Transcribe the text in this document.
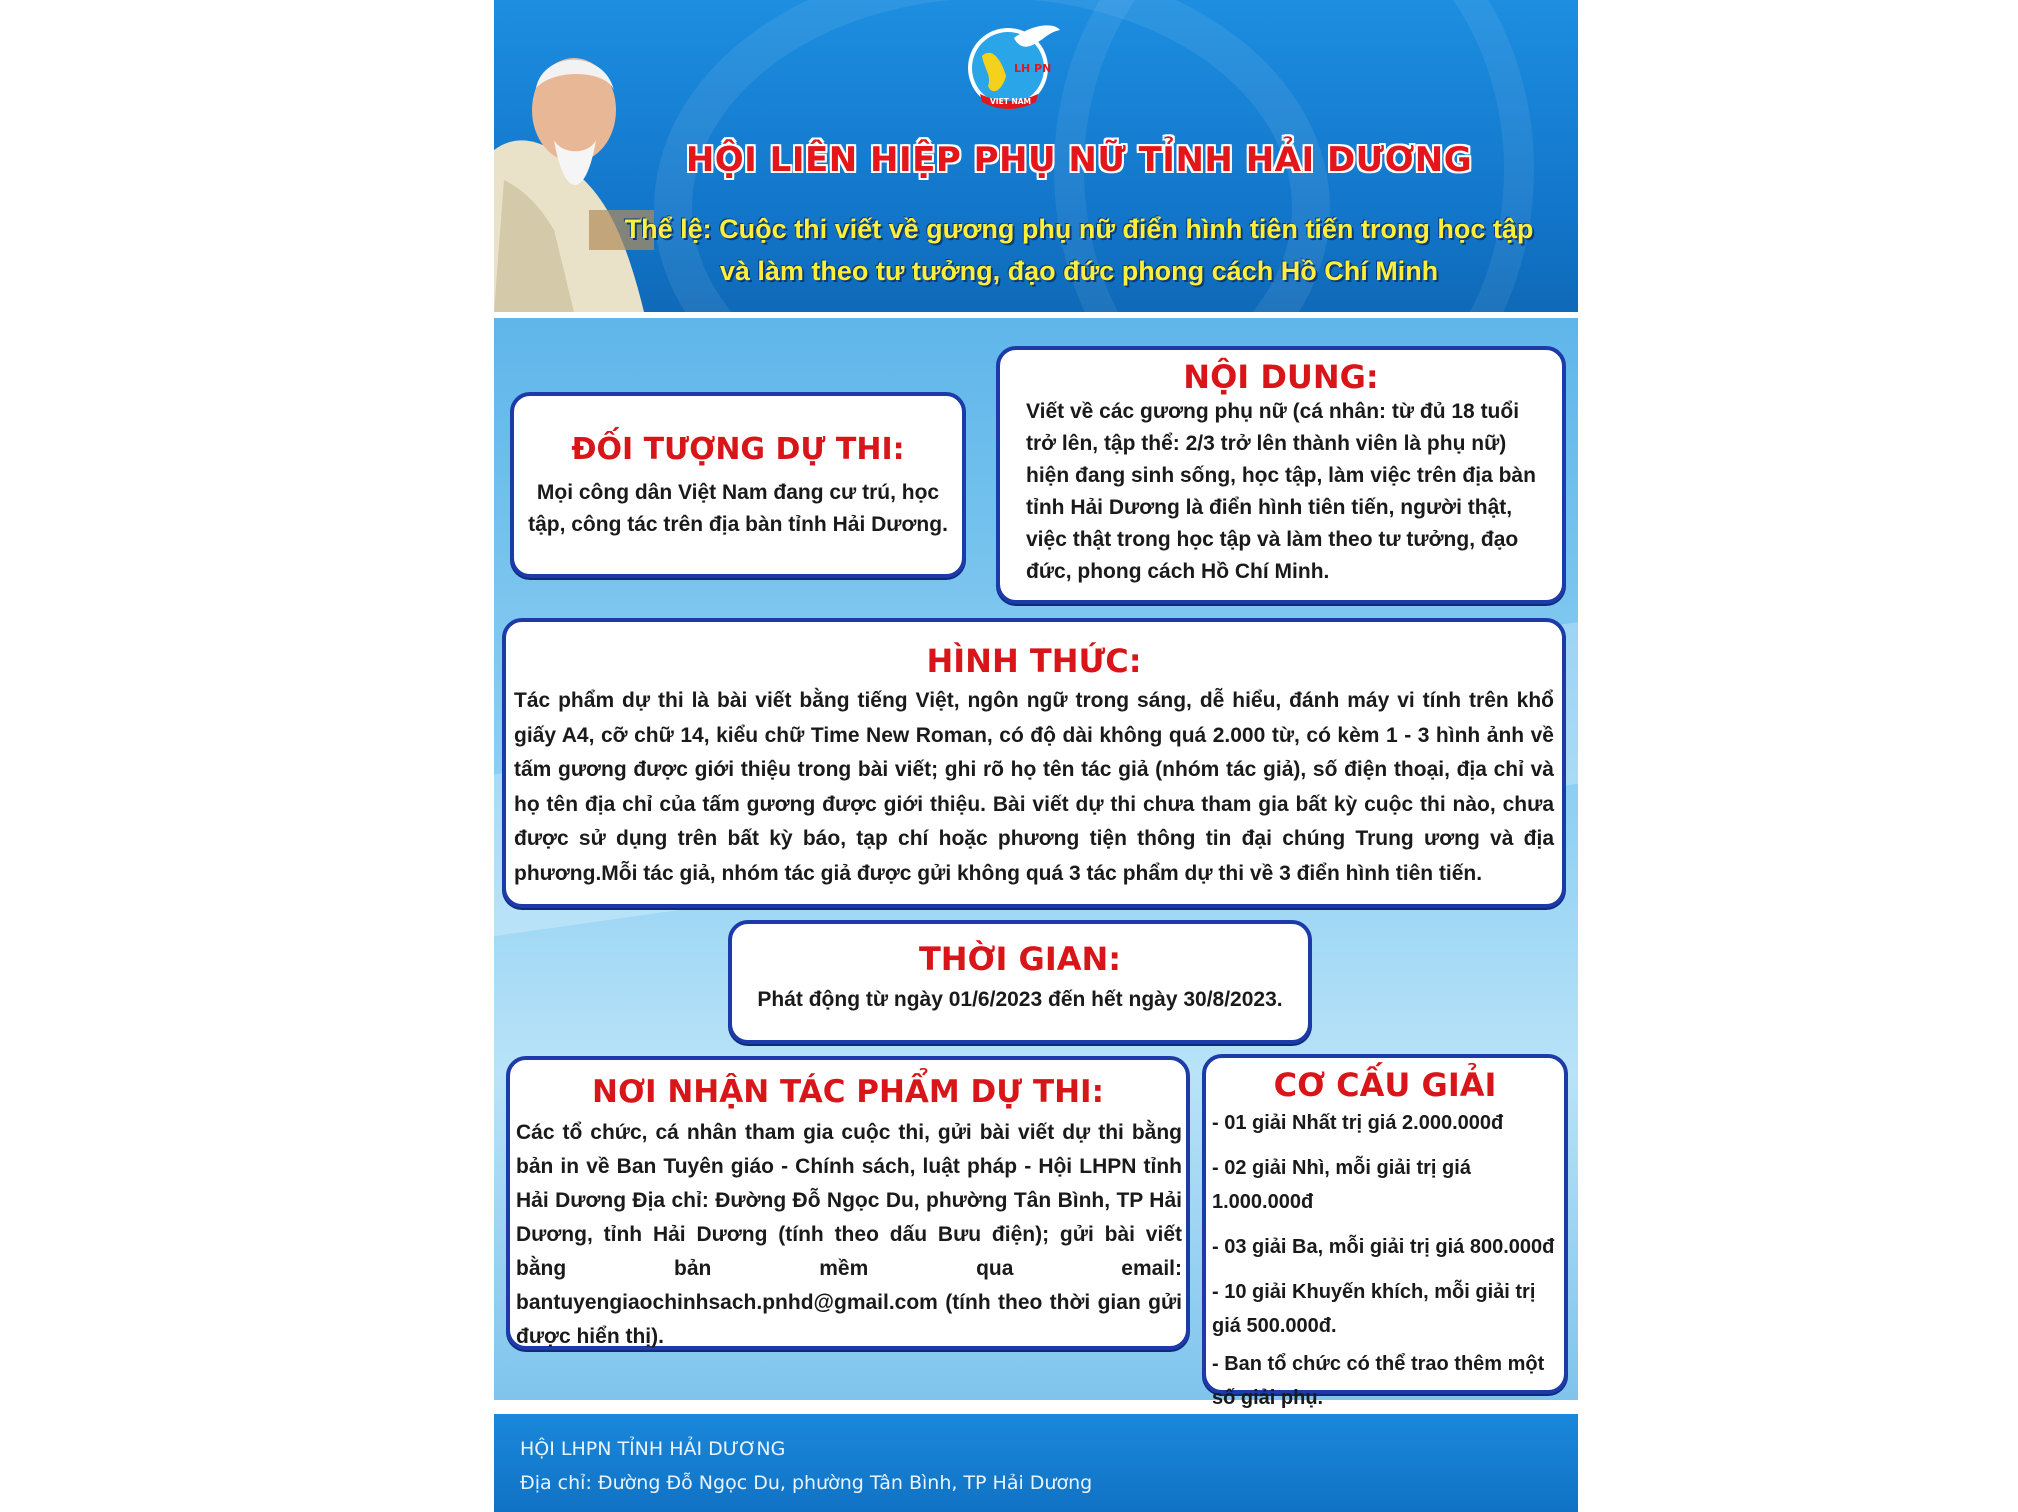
LH PN
VIET NAM
HỘI LIÊN HIỆP PHỤ NỮ TỈNH HẢI DƯƠNG
Thể lệ: Cuộc thi viết về gương phụ nữ điển hình tiên tiến trong học tập
và làm theo tư tưởng, đạo đức phong cách Hồ Chí Minh
ĐỐI TƯỢNG DỰ THI:

Mọi công dân Việt Nam đang cư trú, học tập, công tác trên địa bàn tỉnh Hải Dương.

NỘI DUNG:

Viết về các gương phụ nữ (cá nhân: từ đủ 18 tuổi trở lên, tập thể: 2/3 trở lên thành viên là phụ nữ) hiện đang sinh sống, học tập, làm việc trên địa bàn tỉnh Hải Dương là điển hình tiên tiến, người thật, việc thật trong học tập và làm theo tư tưởng, đạo đức, phong cách Hồ Chí Minh.

HÌNH THỨC:

Tác phẩm dự thi là bài viết bằng tiếng Việt, ngôn ngữ trong sáng, dễ hiểu, đánh máy vi tính trên khổ giấy A4, cỡ chữ 14, kiểu chữ Time New Roman, có độ dài không quá 2.000 từ, có kèm 1 - 3 hình ảnh về tấm gương được giới thiệu trong bài viết; ghi rõ họ tên tác giả (nhóm tác giả), số điện thoại, địa chỉ và họ tên địa chỉ của tấm gương được giới thiệu. Bài viết dự thi chưa tham gia bất kỳ cuộc thi nào, chưa được sử dụng trên bất kỳ báo, tạp chí hoặc phương tiện thông tin đại chúng Trung ương và địa phương.Mỗi tác giả, nhóm tác giả được gửi không quá 3 tác phẩm dự thi về 3 điển hình tiên tiến.

THỜI GIAN:

Phát động từ ngày 01/6/2023 đến hết ngày 30/8/2023.

NƠI NHẬN TÁC PHẨM DỰ THI:

Các tổ chức, cá nhân tham gia cuộc thi, gửi bài viết dự thi bằng bản in về Ban Tuyên giáo - Chính sách, luật pháp - Hội LHPN tỉnh Hải Dương Địa chỉ: Đường Đỗ Ngọc Du, phường Tân Bình, TP Hải Dương, tỉnh Hải Dương (tính theo dấu Bưu điện); gửi bài viết bằng bản mềm qua email: bantuyengiaochinhsach.pnhd@gmail.com (tính theo thời gian gửi được hiển thị).

CƠ CẤU GIẢI
- 01 giải Nhất trị giá 2.000.000đ
- 02 giải Nhì, mỗi giải trị giá 1.000.000đ
- 03 giải Ba, mỗi giải trị giá 800.000đ
- 10 giải Khuyến khích, mỗi giải trị giá 500.000đ.
- Ban tổ chức có thể trao thêm một số giải phụ.
HỘI LHPN TỈNH HẢI DƯƠNG
Địa chỉ: Đường Đỗ Ngọc Du, phường Tân Bình, TP Hải Dương
